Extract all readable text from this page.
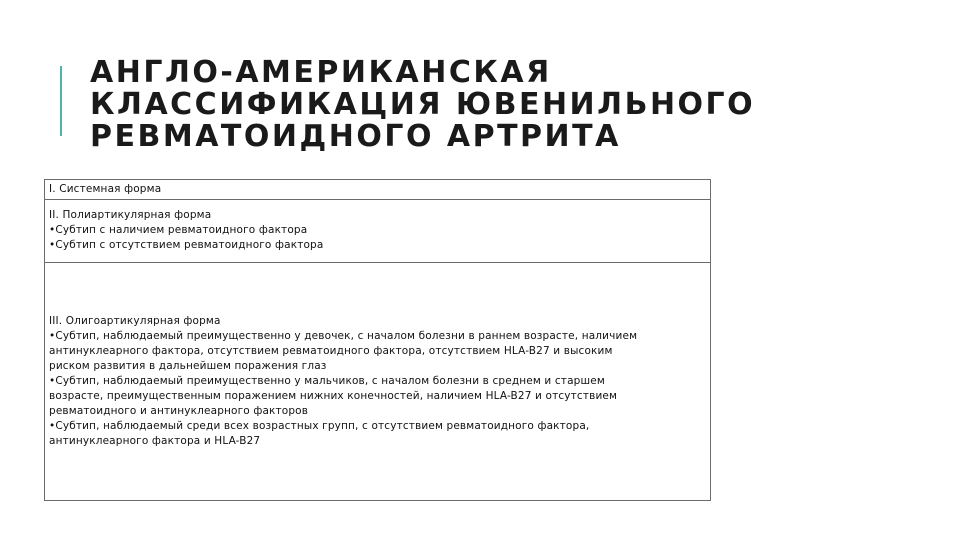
АНГЛО-АМЕРИКАНСКАЯ
КЛАССИФИКАЦИЯ ЮВЕНИЛЬНОГО
РЕВМАТОИДНОГО АРТРИТА
I. Системная форма

II. Полиартикулярная форма
•Субтип с наличием ревматоидного фактора
•Субтип с отсутствием ревматоидного фактора

III. Олигоартикулярная форма
•Субтип, наблюдаемый преимущественно у девочек, с началом болезни в раннем возрасте, наличием
антинуклеарного фактора, отсутствием ревматоидного фактора, отсутствием HLA-B27 и высоким
риском развития в дальнейшем поражения глаз
•Субтип, наблюдаемый преимущественно у мальчиков, с началом болезни в среднем и старшем
возрасте, преимущественным поражением нижних конечностей, наличием HLA-B27 и отсутствием
ревматоидного и антинуклеарного факторов
•Субтип, наблюдаемый среди всех возрастных групп, с отсутствием ревматоидного фактора,
антинуклеарного фактора и HLA-B27
